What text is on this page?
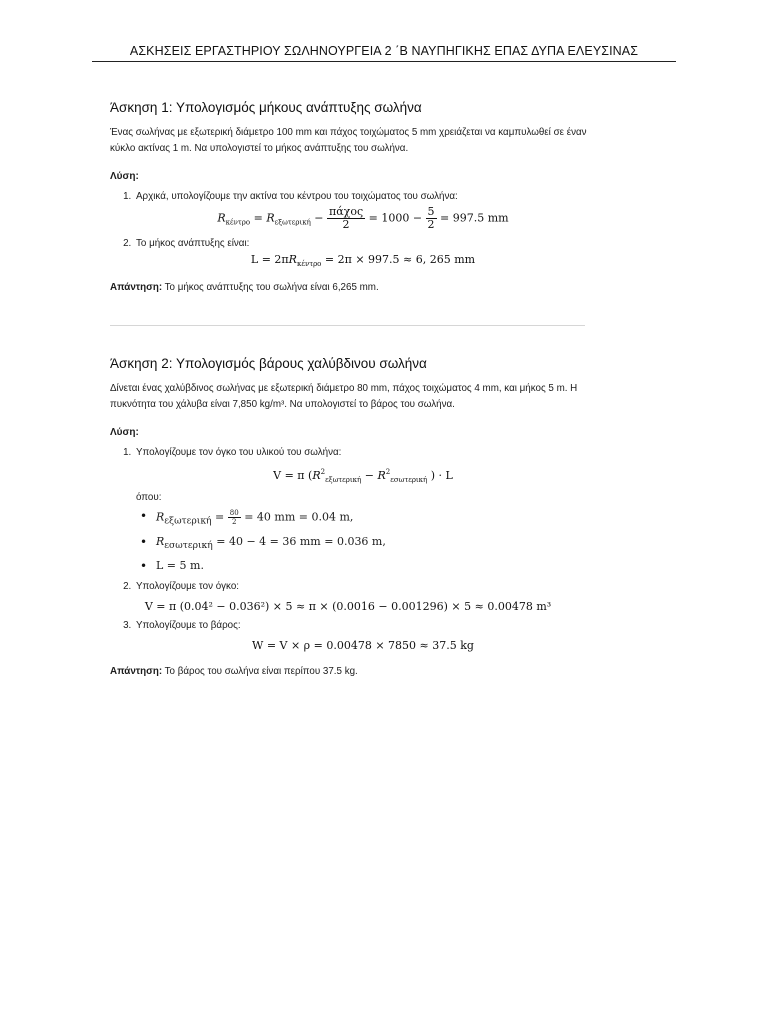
ΑΣΚΗΣΕΙΣ ΕΡΓΑΣΤΗΡΙΟΥ ΣΩΛΗΝΟΥΡΓΕΙΑ 2 ΄Β ΝΑΥΠΗΓΙΚΗΣ ΕΠΑΣ ΔΥΠΑ ΕΛΕΥΣΙΝΑΣ
Άσκηση 1: Υπολογισμός μήκους ανάπτυξης σωλήνα

Ένας σωλήνας με εξωτερική διάμετρο 100 mm και πάχος τοιχώματος 5 mm χρειάζεται να καμπυλωθεί σε έναν κύκλο ακτίνας 1 m. Να υπολογιστεί το μήκος ανάπτυξης του σωλήνα.

Λύση:

1. Αρχικά, υπολογίζουμε την ακτίνα του κέντρου του τοιχώματος του σωλήνα:
$R_{\kappa έ\nu\tau\rho o} = R_{\varepsilon\xi\omega\tau\varepsilon\rho\iota\kappa ή} - \frac{\text{πάχος}}{2} = 1000 - \frac{5}{2} = 997.5$ mm
2. Το μήκος ανάπτυξης είναι:
$L = 2\pi R_{\kappa έ\nu\tau\rho o} = 2\pi \times 997.5 \approx 6$, 265 mm

Απάντηση: Το μήκος ανάπτυξης του σωλήνα είναι 6,265 mm.

Άσκηση 2: Υπολογισμός βάρους χαλύβδινου σωλήνα

Δίνεται ένας χαλύβδινος σωλήνας με εξωτερική διάμετρο 80 mm, πάχος τοιχώματος 4 mm, και μήκος 5 m. Η πυκνότητα του χάλυβα είναι 7,850 kg/m³. Να υπολογιστεί το βάρος του σωλήνα.

Λύση:

1. Υπολογίζουμε τον όγκο του υλικού του σωλήνα:
V = π ($R^2_{\varepsilon\xi\omega\tau\varepsilon\rho\iota\kappa ή} - R^2_{\varepsilon\sigma\omega\tau\varepsilon\rho\iota\kappa ή}$ ) · L
όπου:
• $R_{\varepsilon\xi\omega\tau\varepsilon\rho\iota\kappa ή} = \frac{80}{2} = 40$ mm = 0.04 m,
• $R_{\varepsilon\sigma\omega\tau\varepsilon\rho\iota\kappa ή} = 40 - 4 = 36$ mm = 0.036 m,
• L = 5 m.
2. Υπολογίζουμε τον όγκο:
V = π (0.04² − 0.036²) × 5 ≈ π × (0.0016 − 0.001296) × 5 ≈ 0.00478 m³
3. Υπολογίζουμε το βάρος:
W = V × ρ = 0.00478 × 7850 ≈ 37.5 kg

Απάντηση: Το βάρος του σωλήνα είναι περίπου 37.5 kg.
